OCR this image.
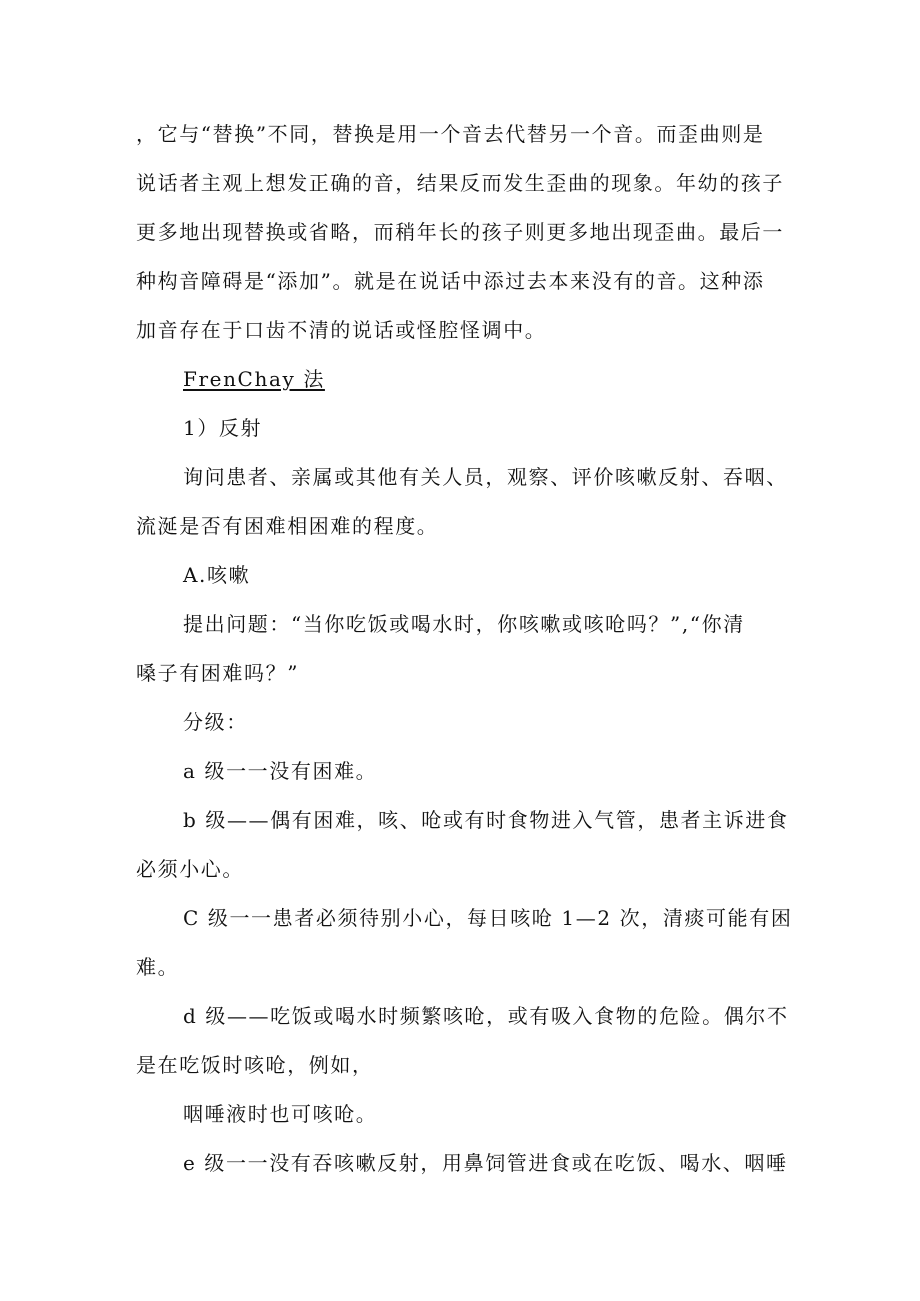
，它与“替换”不同，替换是用一个音去代替另一个音。而歪曲则是
说话者主观上想发正确的音，结果反而发生歪曲的现象。年幼的孩子
更多地出现替换或省略，而稍年长的孩子则更多地出现歪曲。最后一
种构音障碍是“添加”。就是在说话中添过去本来没有的音。这种添
加音存在于口齿不清的说话或怪腔怪调中。
FrenChay 法
1）反射
询问患者、亲属或其他有关人员，观察、评价咳嗽反射、吞咽、
流涎是否有困难相困难的程度。
A.咳嗽
提出问题：“当你吃饭或喝水时，你咳嗽或咳呛吗？”,“你清
嗓子有困难吗？”
分级：
a 级一一没有困难。
b 级——偶有困难，咳、呛或有时食物进入气管，患者主诉进食
必须小心。
C 级一一患者必须待别小心，每日咳呛 1—2 次，清痰可能有困
难。
d 级——吃饭或喝水时频繁咳呛，或有吸入食物的危险。偶尔不
是在吃饭时咳呛，例如，
咽唾液时也可咳呛。
e 级一一没有吞咳嗽反射，用鼻饲管进食或在吃饭、喝水、咽唾
